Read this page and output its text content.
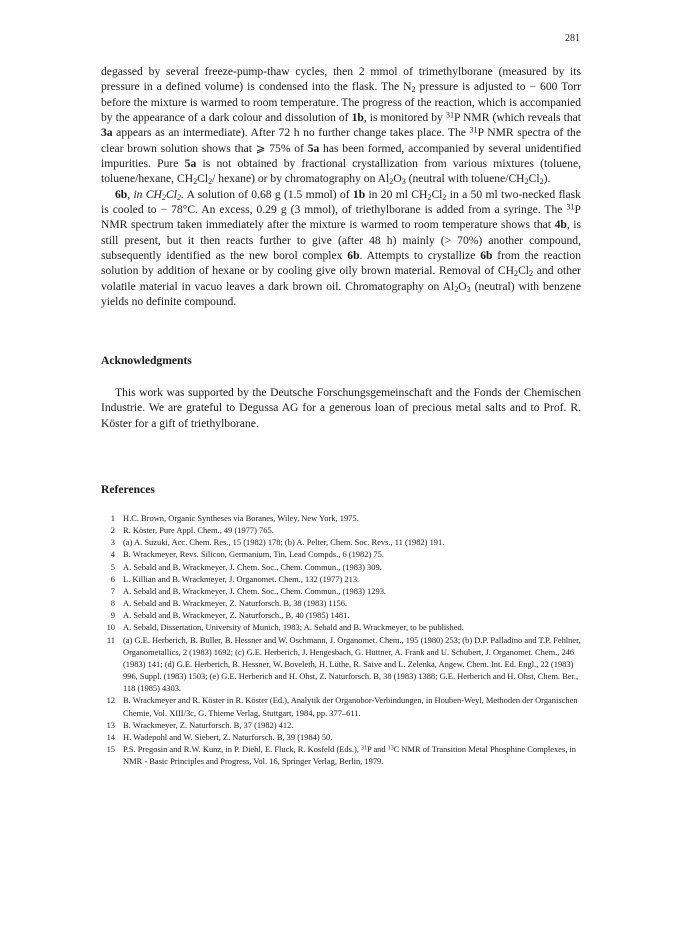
281

degassed by several freeze-pump-thaw cycles, then 2 mmol of trimethylborane (measured by its pressure in a defined volume) is condensed into the flask. The $N_2$ pressure is adjusted to − 600 Torr before the mixture is warmed to room temperature. The progress of the reaction, which is accompanied by the appearance of a dark colour and dissolution of 1b, is monitored by $^{31}$P NMR (which reveals that 3a appears as an intermediate). After 72 h no further change takes place. The $^{31}$P NMR spectra of the clear brown solution shows that ⩾ 75% of 5a has been formed, accompanied by several unidentified impurities. Pure 5a is not obtained by fractional crystallization from various mixtures (toluene, toluene/hexane, $CH_2Cl_2/$ hexane) or by chromatography on $Al_2O_3$ (neutral with toluene/$CH_2Cl_2$).

6b, in $CH_2Cl_2$. A solution of 0.68 g (1.5 mmol) of 1b in 20 ml $CH_2Cl_2$ in a 50 ml two-necked flask is cooled to − 78°C. An excess, 0.29 g (3 mmol), of triethylborane is added from a syringe. The $^{31}$P NMR spectrum taken immediately after the mixture is warmed to room temperature shows that 4b, is still present, but it then reacts further to give (after 48 h) mainly (> 70%) another compound, subsequently identified as the new borol complex 6b. Attempts to crystallize 6b from the reaction solution by addition of hexane or by cooling give oily brown material. Removal of $CH_2Cl_2$ and other volatile material in vacuo leaves a dark brown oil. Chromatography on $Al_2O_3$ (neutral) with benzene yields no definite compound.

Acknowledgments
This work was supported by the Deutsche Forschungsgemeinschaft and the Fonds der Chemischen Industrie. We are grateful to Degussa AG for a generous loan of precious metal salts and to Prof. R. Köster for a gift of triethylborane.
References
1 H.C. Brown, Organic Syntheses via Boranes, Wiley, New York, 1975.
2 R. Köster, Pure Appl. Chem., 49 (1977) 765.
3 (a) A. Suzuki, Acc. Chem. Res., 15 (1982) 178; (b) A. Pelter, Chem. Soc. Revs., 11 (1982) 191.
4 B. Wrackmeyer, Revs. Silicon, Germanium, Tin, Lead Compds., 6 (1982) 75.
5 A. Sebald and B. Wrackmeyer, J. Chem. Soc., Chem. Commun., (1983) 309.
6 L. Killian and B. Wrackmeyer, J. Organomet. Chem., 132 (1977) 213.
7 A. Sebald and B. Wrackmeyer, J. Chem. Soc., Chem. Commun., (1983) 1293.
8 A. Sebald and B. Wrackmeyer, Z. Naturforsch. B, 38 (1983) 1156.
9 A. Sebald and B. Wrackmeyer, Z. Naturforsch., B, 40 (1985) 1481.
10 A. Sebald, Dissertation, University of Munich, 1983; A. Sebald and B. Wrackmeyer, to be published.
11 (a) G.E. Herberich, B. Buller, B. Hessner and W. Oschmann, J. Organomet. Chem., 195 (1980) 253; (b) D.P. Palladino and T.P. Fehlner, Organometallics, 2 (1983) 1692; (c) G.E. Herberich, J. Hengesbach, G. Huttner, A. Frank and U. Schubert, J. Organomet. Chem., 246 (1983) 141; (d) G.E. Herberich, B. Hessner, W. Boveleth, H. Lüthe, R. Saive and L. Zelenka, Angew. Chem. Int. Ed. Engl., 22 (1983) 996, Suppl. (1983) 1503; (e) G.E. Herberich and H. Ohst, Z. Naturforsch. B, 38 (1983) 1388; G.E. Herberich and H. Ohst, Chem. Ber., 118 (1985) 4303.
12 B. Wrackmeyer and R. Köster in R. Köster (Ed.), Analytik der Organobor-Verbindungen, in Houben-Weyl, Methoden der Organischen Chemie, Vol. XIII/3c, G. Thieme Verlag, Stuttgart, 1984, pp. 377–611.
13 B. Wrackmeyer, Z. Naturforsch. B, 37 (1982) 412.
14 H. Wadepohl and W. Siebert, Z. Naturforsch. B, 39 (1984) 50.
15 P.S. Pregosin and R.W. Kunz, in P. Diehl, E. Fluck, R. Kosfeld (Eds.), $^{31}$P and $^{13}$C NMR of Transition Metal Phosphine Complexes, in NMR - Basic Principles and Progress, Vol. 16, Springer Verlag, Berlin, 1979.
